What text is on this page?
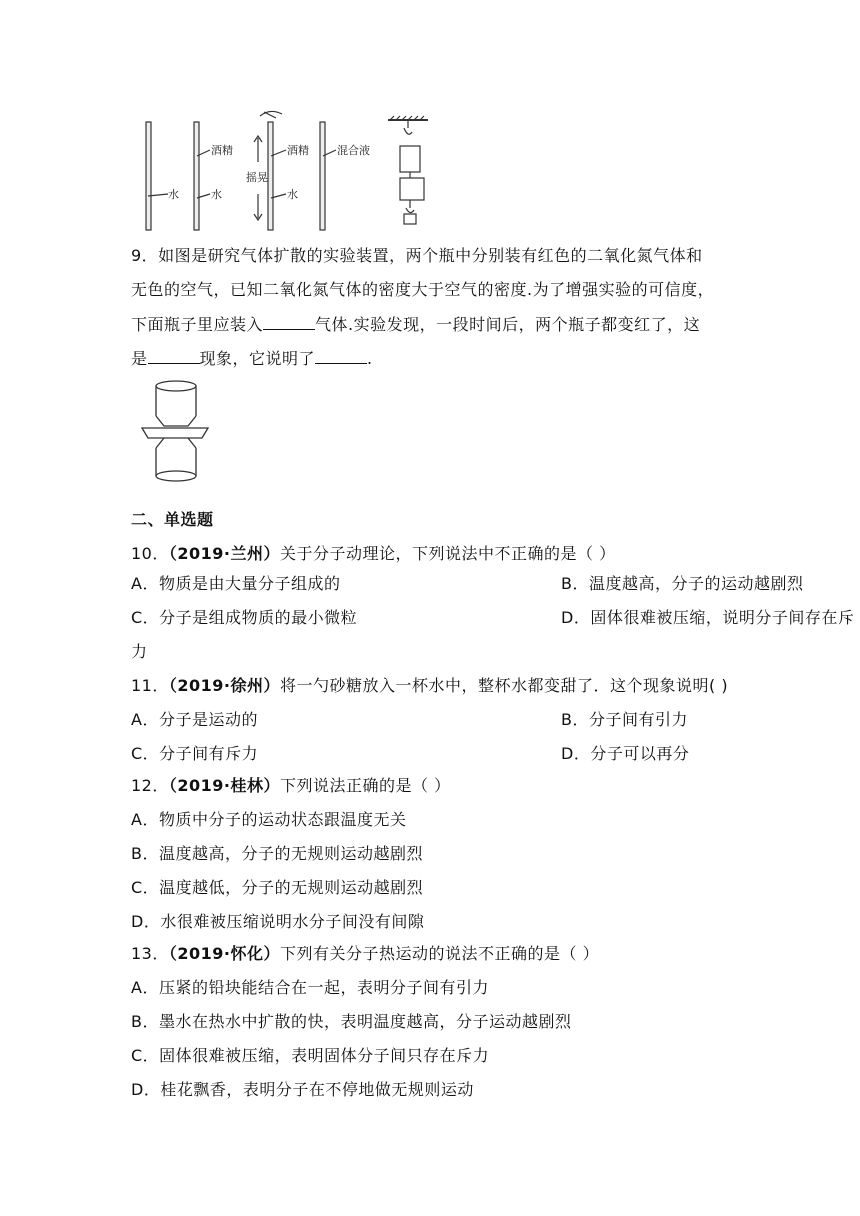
水
酒精
水
摇晃
酒精
水
混合液
9．如图是研究气体扩散的实验装置，两个瓶中分别装有红色的二氧化氮气体和
无色的空气，已知二氧化氮气体的密度大于空气的密度.为了增强实验的可信度，
下面瓶子里应装入	气体.实验发现，一段时间后，两个瓶子都变红了，这
是	现象，它说明了	.
二、单选题
10．（2019·兰州）关于分子动理论，下列说法中不正确的是（ ）
A．物质是由大量分子组成的	B．温度越高，分子的运动越剧烈
C．分子是组成物质的最小微粒	D．固体很难被压缩，说明分子间存在斥
力
11．（2019·徐州）将一勺砂糖放入一杯水中，整杯水都变甜了．这个现象说明( )
A．分子是运动的	B．分子间有引力
C．分子间有斥力	D．分子可以再分
12．（2019·桂林）下列说法正确的是（ ）
A．物质中分子的运动状态跟温度无关
B．温度越高，分子的无规则运动越剧烈
C．温度越低，分子的无规则运动越剧烈
D．水很难被压缩说明水分子间没有间隙
13．（2019·怀化）下列有关分子热运动的说法不正确的是（ ）
A．压紧的铅块能结合在一起，表明分子间有引力
B．墨水在热水中扩散的快，表明温度越高，分子运动越剧烈
C．固体很难被压缩，表明固体分子间只存在斥力
D．桂花飘香，表明分子在不停地做无规则运动
